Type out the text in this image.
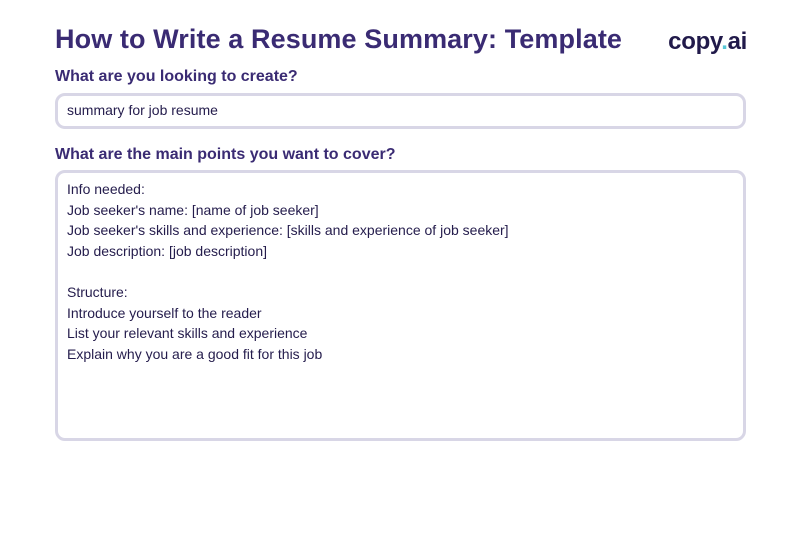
How to Write a Resume Summary: Template copy.ai
What are you looking to create?
summary for job resume
What are the main points you want to cover?
Info needed:
Job seeker's name: [name of job seeker]
Job seeker's skills and experience: [skills and experience of job seeker]
Job description: [job description]
Structure:
Introduce yourself to the reader
List your relevant skills and experience
Explain why you are a good fit for this job
